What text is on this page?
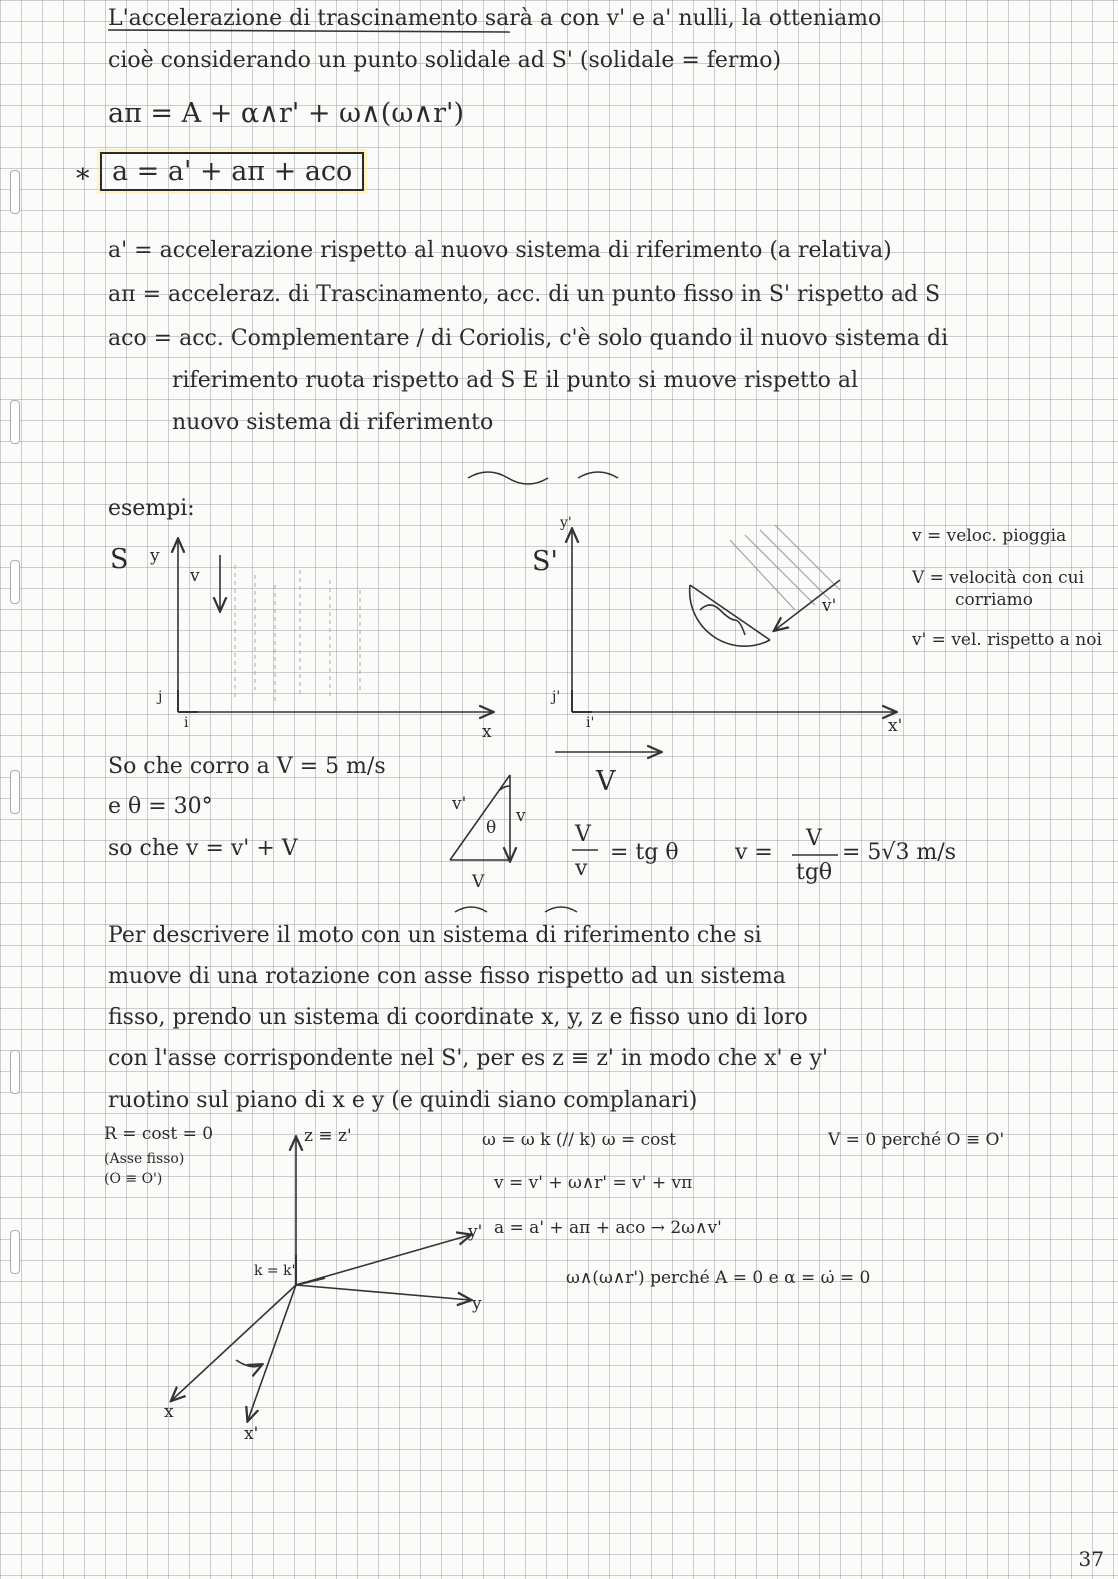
L'accelerazione di trascinamento sarà a con v' e a' nulli, la otteniamo
cioè considerando un punto solidale ad S' (solidale = fermo)
aπ = A + α∧r' + ω∧(ω∧r')
* a = a' + aπ + aco
a' = accelerazione rispetto al nuovo sistema di riferimento (a relativa)
aπ = acceleraz. di Trascinamento, acc. di un punto fisso in S' rispetto ad S
aco = acc. Complementare / di Coriolis, c'è solo quando il nuovo sistema di
riferimento ruota rispetto ad S E il punto si muove rispetto al
nuovo sistema di riferimento
esempi:
S y
v
j
i	x
S'
y'
j'
i'	x'
V
v'
v = veloc. pioggia
V = velocità con cui
corriamo
v' = vel. rispetto a noi
So che corro a V = 5 m/s
e θ = 30°
so che v = v' + V
v'
θ
v
V
V
v
= tg θ	v =
V
tgθ
= 5√3 m/s
Per descrivere il moto con un sistema di riferimento che si
muove di una rotazione con asse fisso rispetto ad un sistema
fisso, prendo un sistema di coordinate x, y, z e fisso uno di loro
con l'asse corrispondente nel S', per es z ≡ z' in modo che x' e y'
ruotino sul piano di x e y (e quindi siano complanari)
R = cost = 0
(Asse fisso)
(O ≡ O')
z ≡ z'
k = k'
y'
y
x
x'
ω = ω k (// k) ω = cost	V = 0 perché O ≡ O'
v = v' + ω∧r' = v' + vπ
a = a' + aπ + aco → 2ω∧v'
ω∧(ω∧r') perché A = 0 e α = ω̇ = 0
37
